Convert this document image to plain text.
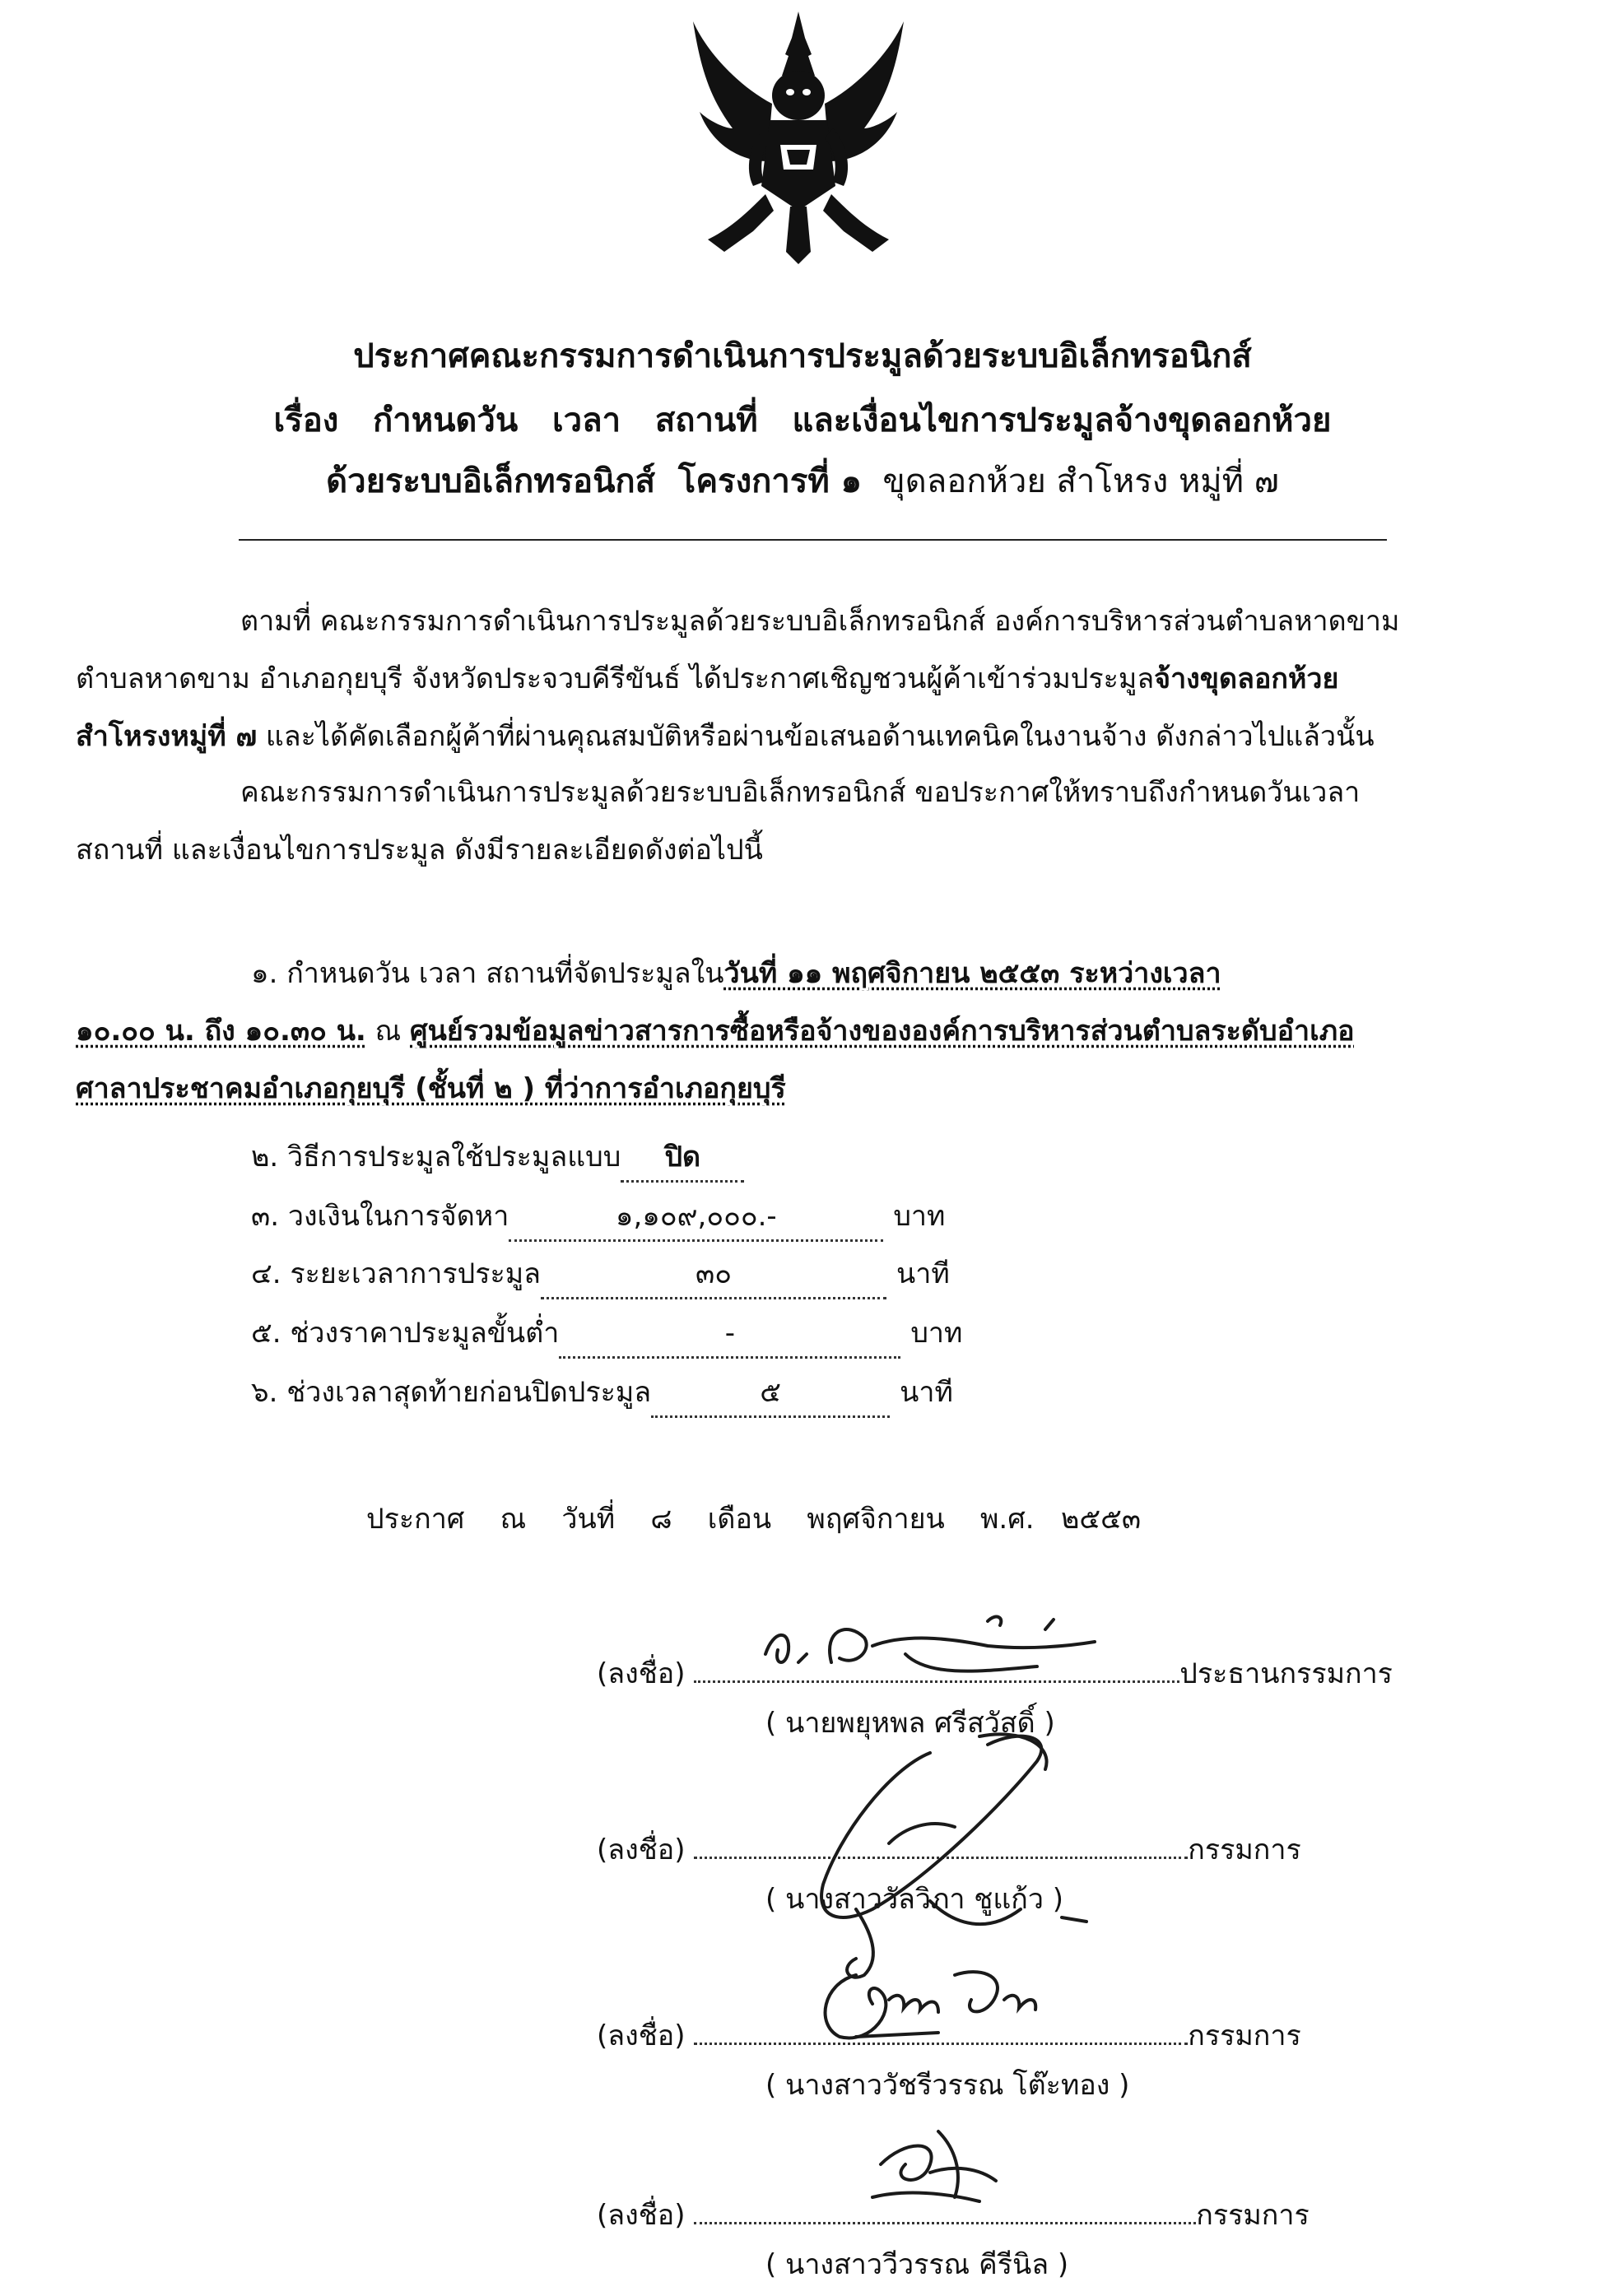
ประกาศคณะกรรมการดำเนินการประมูลด้วยระบบอิเล็กทรอนิกส์
เรื่อง   กำหนดวัน   เวลา   สถานที่   และเงื่อนไขการประมูลจ้างขุดลอกห้วย
ด้วยระบบอิเล็กทรอนิกส์  โครงการที่ ๑  ขุดลอกห้วย สำโหรง หมู่ที่ ๗
ตามที่ คณะกรรมการดำเนินการประมูลด้วยระบบอิเล็กทรอนิกส์ องค์การบริหารส่วนตำบลหาดขาม
ตำบลหาดขาม อำเภอกุยบุรี จังหวัดประจวบคีรีขันธ์ ได้ประกาศเชิญชวนผู้ค้าเข้าร่วมประมูลจ้างขุดลอกห้วย
สำโหรงหมู่ที่ ๗ และได้คัดเลือกผู้ค้าที่ผ่านคุณสมบัติหรือผ่านข้อเสนอด้านเทคนิคในงานจ้าง ดังกล่าวไปแล้วนั้น
คณะกรรมการดำเนินการประมูลด้วยระบบอิเล็กทรอนิกส์ ขอประกาศให้ทราบถึงกำหนดวันเวลา
สถานที่ และเงื่อนไขการประมูล ดังมีรายละเอียดดังต่อไปนี้
๑. กำหนดวัน เวลา สถานที่จัดประมูลในวันที่ ๑๑ พฤศจิกายน ๒๕๕๓ ระหว่างเวลา
๑๐.๐๐ น. ถึง ๑๐.๓๐ น. ณ ศูนย์รวมข้อมูลข่าวสารการซื้อหรือจ้างขององค์การบริหารส่วนตำบลระดับอำเภอ
ศาลาประชาคมอำเภอกุยบุรี (ชั้นที่ ๒ ) ที่ว่าการอำเภอกุยบุรี
๒. วิธีการประมูลใช้ประมูลแบบ ปิด
๓. วงเงินในการจัดหา	๑,๑๐๙,๐๐๐.-	บาท
๔. ระยะเวลาการประมูล	๓๐	นาที
๕. ช่วงราคาประมูลขั้นต่ำ	-	บาท
๖. ช่วงเวลาสุดท้ายก่อนปิดประมูล	๕	นาที
ประกาศ    ณ    วันที่    ๘    เดือน    พฤศจิกายน    พ.ศ.   ๒๕๕๓
(ลงชื่อ)	ประธานกรรมการ
( นายพยุหพล ศรีสวัสดิ์ )
(ลงชื่อ)	กรรมการ
( นางสาววัลวิภา ชูแก้ว )
(ลงชื่อ)	กรรมการ
( นางสาววัชรีวรรณ โต๊ะทอง )
(ลงชื่อ)	กรรมการ
( นางสาววีวรรณ คีรีนิล )
